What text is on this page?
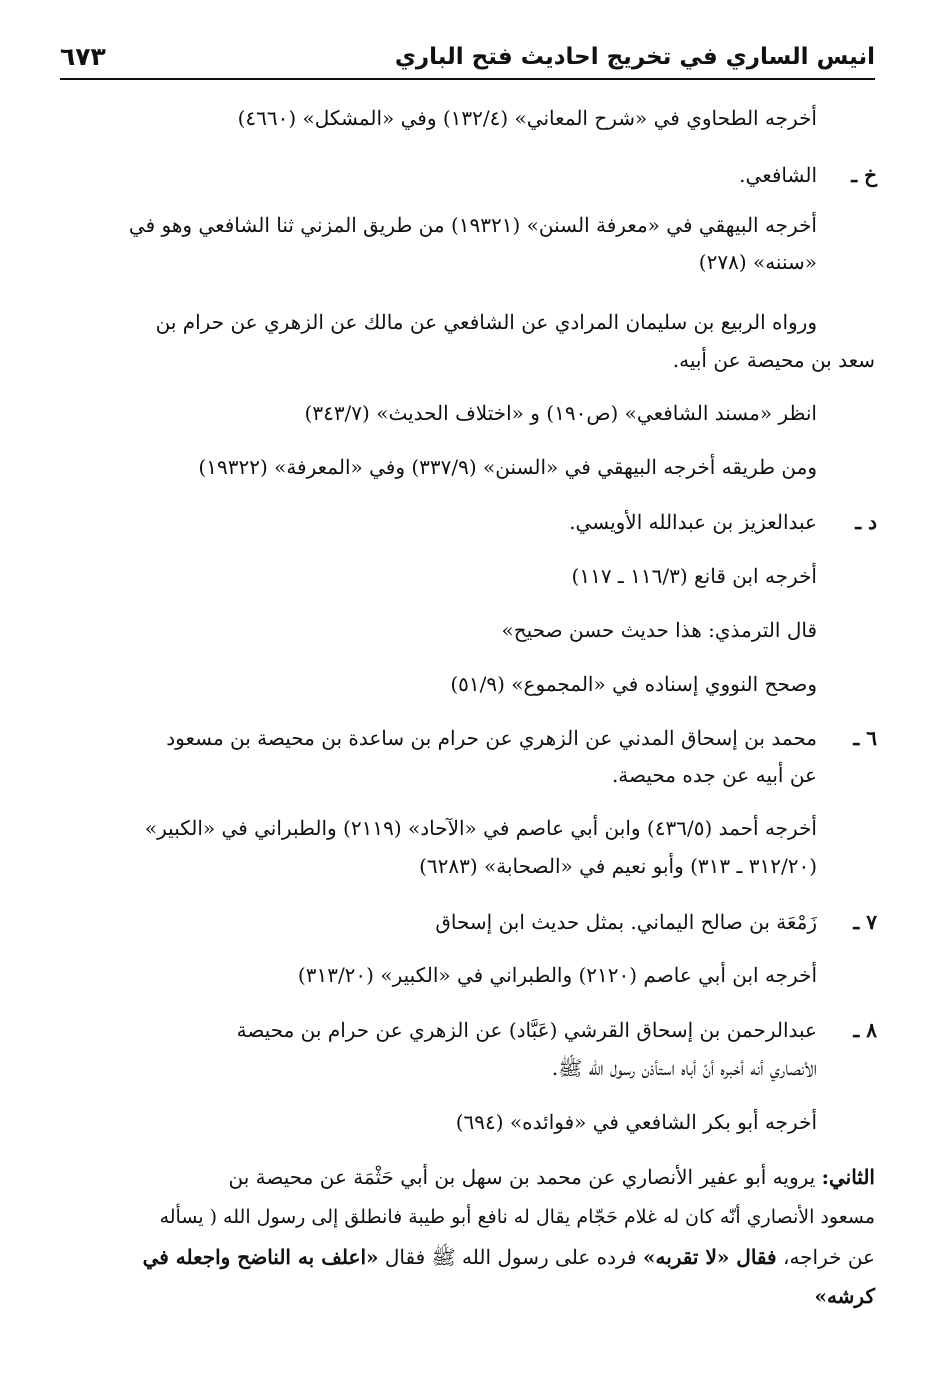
انيس الساري في تخريج احاديث فتح الباري
٦٧٣
أخرجه الطحاوي في «شرح المعاني» (١٣٢/٤) وفي «المشكل» (٤٦٦٠)
خ ـ
الشافعي.
أخرجه البيهقي في «معرفة السنن» (١٩٣٢١) من طريق المزني ثنا الشافعي وهو في
«سننه» (٢٧٨)
ورواه الربيع بن سليمان المرادي عن الشافعي عن مالك عن الزهري عن حرام بن
سعد بن محيصة عن أبيه.
انظر «مسند الشافعي» (ص١٩٠) و «اختلاف الحديث» (٣٤٣/٧)
ومن طريقه أخرجه البيهقي في «السنن» (٣٣٧/٩) وفي «المعرفة» (١٩٣٢٢)
د ـ
عبدالعزيز بن عبدالله الأويسي.
أخرجه ابن قانع (١١٦/٣ ـ ١١٧)
قال الترمذي: هذا حديث حسن صحيح»
وصحح النووي إسناده في «المجموع» (٥١/٩)
٦ ـ
محمد بن إسحاق المدني عن الزهري عن حرام بن ساعدة بن محيصة بن مسعود
عن أبيه عن جده محيصة.
أخرجه أحمد (٤٣٦/٥) وابن أبي عاصم في «الآحاد» (٢١١٩) والطبراني في «الكبير»
(٣١٢/٢٠ ـ ٣١٣) وأبو نعيم في «الصحابة» (٦٢٨٣)
٧ ـ
زَمْعَة بن صالح اليماني. بمثل حديث ابن إسحاق
أخرجه ابن أبي عاصم (٢١٢٠) والطبراني في «الكبير» (٣١٣/٢٠)
٨ ـ
عبدالرحمن بن إسحاق القرشي (عَبَّاد) عن الزهري عن حرام بن محيصة
الأنصاري أنه أخبره أنّ أباه استأذن رسول الله ﷺ.
أخرجه أبو بكر الشافعي في «فوائده» (٦٩٤)
الثاني: يرويه أبو عفير الأنصاري عن محمد بن سهل بن أبي حَثْمَة عن محيصة بن
مسعود الأنصاري أنّه كان له غلام حَجّام يقال له نافع أبو طيبة فانطلق إلى رسول الله ( يسأله
عن خراجه، فقال «لا تقربه» فرده على رسول الله ﷺ فقال «اعلف به الناضح واجعله في
كرشه»
